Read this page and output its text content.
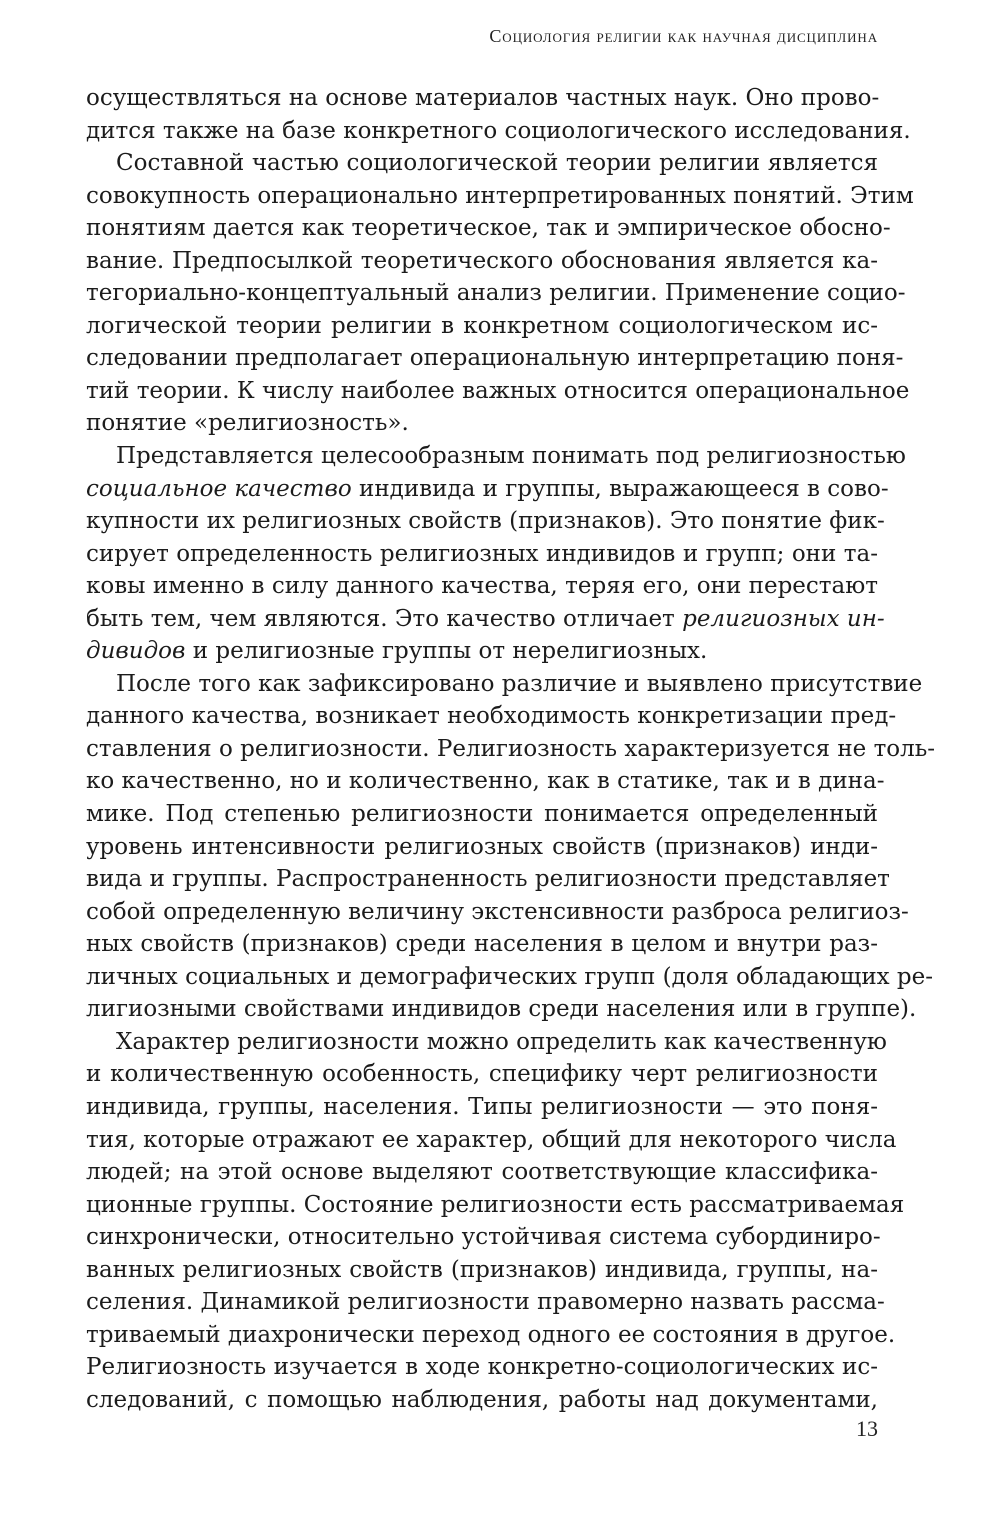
Социология религии как научная дисциплина
осуществляться на основе материалов частных наук. Оно прово-
дится также на базе конкретного социологического исследования.
Составной частью социологической теории религии является
совокупность операционально интерпретированных понятий. Этим
понятиям дается как теоретическое, так и эмпирическое обосно-
вание. Предпосылкой теоретического обоснования является ка-
тегориально-концептуальный анализ религии. Применение социо-
логической теории религии в конкретном социологическом ис-
следовании предполагает операциональную интерпретацию поня-
тий теории. К числу наиболее важных относится операциональное
понятие «религиозность».
Представляется целесообразным понимать под религиозностью
социальное качество индивида и группы, выражающееся в сово-
купности их религиозных свойств (признаков). Это понятие фик-
сирует определенность религиозных индивидов и групп; они та-
ковы именно в силу данного качества, теряя его, они перестают
быть тем, чем являются. Это качество отличает религиозных ин-
дивидов и религиозные группы от нерелигиозных.
После того как зафиксировано различие и выявлено присутствие
данного качества, возникает необходимость конкретизации пред-
ставления о религиозности. Религиозность характеризуется не толь-
ко качественно, но и количественно, как в статике, так и в дина-
мике. Под степенью религиозности понимается определенный
уровень интенсивности религиозных свойств (признаков) инди-
вида и группы. Распространенность религиозности представляет
собой определенную величину экстенсивности разброса религиоз-
ных свойств (признаков) среди населения в целом и внутри раз-
личных социальных и демографических групп (доля обладающих ре-
лигиозными свойствами индивидов среди населения или в группе).
Характер религиозности можно определить как качественную
и количественную особенность, специфику черт религиозности
индивида, группы, населения. Типы религиозности — это поня-
тия, которые отражают ее характер, общий для некоторого числа
людей; на этой основе выделяют соответствующие классифика-
ционные группы. Состояние религиозности есть рассматриваемая
синхронически, относительно устойчивая система субординиро-
ванных религиозных свойств (признаков) индивида, группы, на-
селения. Динамикой религиозности правомерно назвать рассма-
триваемый диахронически переход одного ее состояния в другое.
Религиозность изучается в ходе конкретно-социологических ис-
следований, с помощью наблюдения, работы над документами,
13
